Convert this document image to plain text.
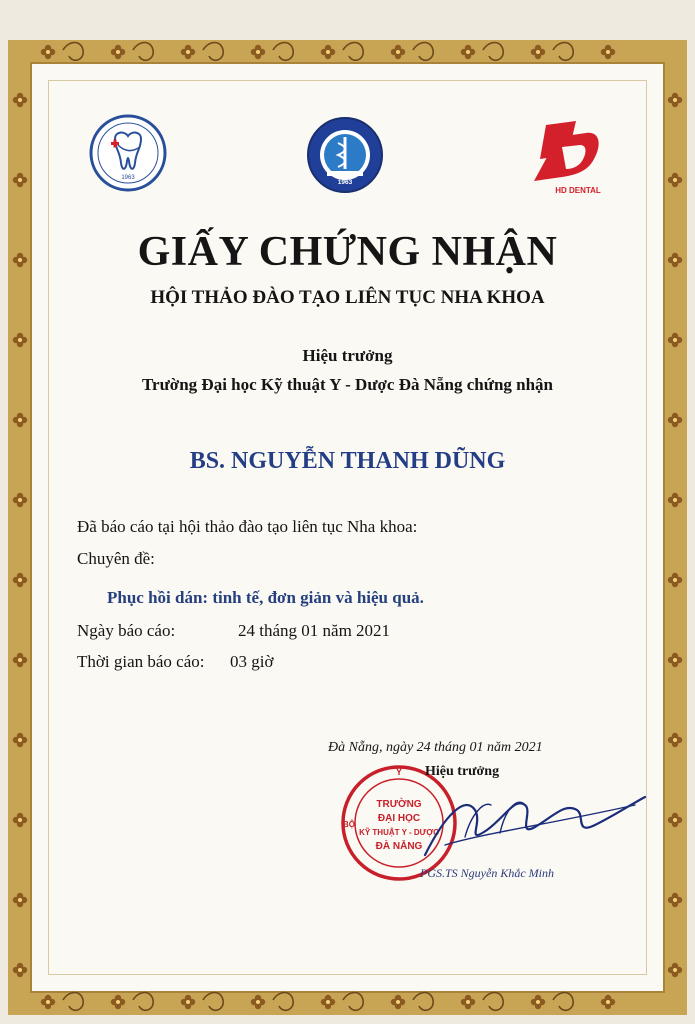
1963
1963
HD DENTAL
GIẤY CHỨNG NHẬN
HỘI THẢO ĐÀO TẠO LIÊN TỤC NHA KHOA
Hiệu trưởng
Trường Đại học Kỹ thuật Y - Dược Đà Nẵng chứng nhận
BS. NGUYỄN THANH DŨNG
Đã báo cáo tại hội thảo đào tạo liên tục Nha khoa:
Chuyên đề:
Phục hồi dán: tinh tế, đơn giản và hiệu quả.
Ngày báo cáo:	24 tháng 01 năm 2021
Thời gian báo cáo: 03 giờ
Đà Nẵng, ngày 24 tháng 01 năm 2021
Y
BỘ
TRƯỜNG
ĐẠI HỌC
KỸ THUẬT Y - DƯỢC
ĐÀ NẴNG
Hiệu trưởng
PGS.TS Nguyễn Khắc Minh
